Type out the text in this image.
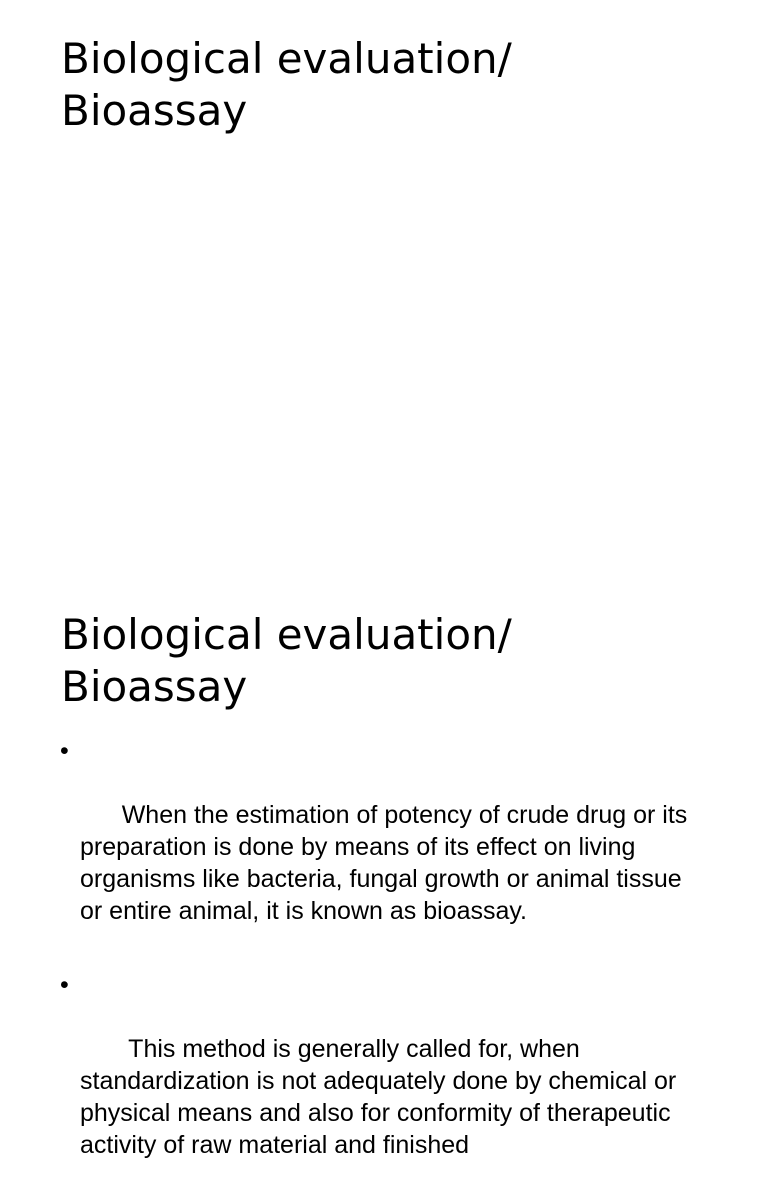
Biological evaluation/
Bioassay
Biological evaluation/
Bioassay

•

When the estimation of potency of crude drug or its preparation is done by means of its effect on living organisms like bacteria, fungal growth or animal tissue or entire animal, it is known as bioassay.

•

This method is generally called for, when standardization is not adequately done by chemical or physical means and also for conformity of therapeutic activity of raw material and finished
